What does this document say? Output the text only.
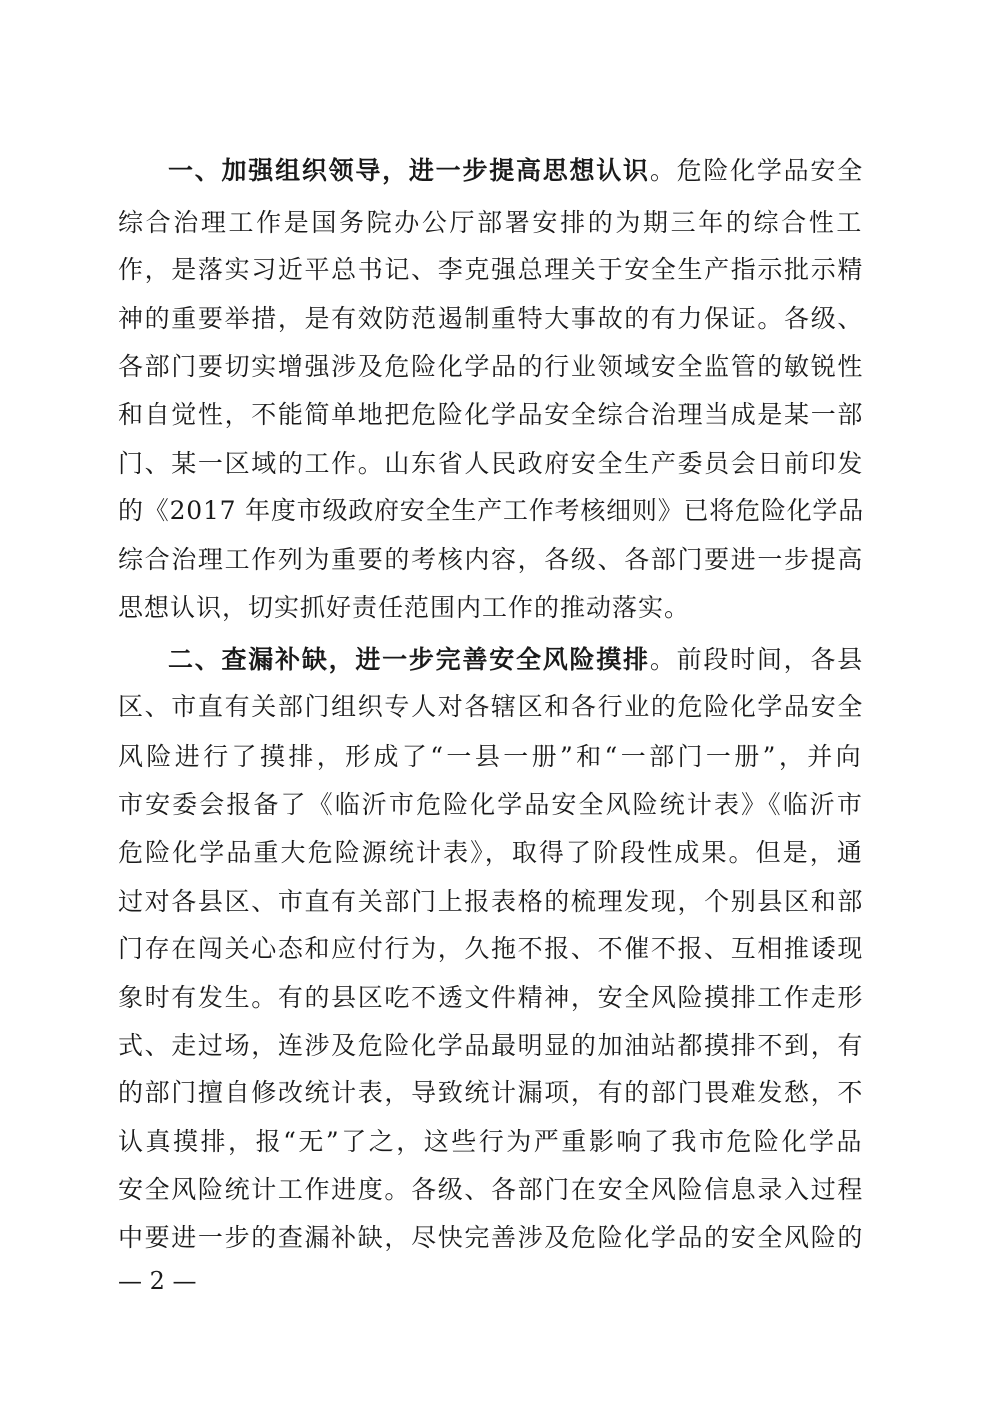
一、加强组织领导，进一步提高思想认识。危险化学品安全
综合治理工作是国务院办公厅部署安排的为期三年的综合性工
作，是落实习近平总书记、李克强总理关于安全生产指示批示精
神的重要举措，是有效防范遏制重特大事故的有力保证。各级、
各部门要切实增强涉及危险化学品的行业领域安全监管的敏锐性
和自觉性，不能简单地把危险化学品安全综合治理当成是某一部
门、某一区域的工作。山东省人民政府安全生产委员会日前印发
的《2017 年度市级政府安全生产工作考核细则》已将危险化学品
综合治理工作列为重要的考核内容，各级、各部门要进一步提高
思想认识，切实抓好责任范围内工作的推动落实。
二、查漏补缺，进一步完善安全风险摸排。前段时间，各县
区、市直有关部门组织专人对各辖区和各行业的危险化学品安全
风险进行了摸排，形成了“一县一册”和“一部门一册”，并向
市安委会报备了《临沂市危险化学品安全风险统计表》《临沂市
危险化学品重大危险源统计表》，取得了阶段性成果。但是，通
过对各县区、市直有关部门上报表格的梳理发现，个别县区和部
门存在闯关心态和应付行为，久拖不报、不催不报、互相推诿现
象时有发生。有的县区吃不透文件精神，安全风险摸排工作走形
式、走过场，连涉及危险化学品最明显的加油站都摸排不到，有
的部门擅自修改统计表，导致统计漏项，有的部门畏难发愁，不
认真摸排，报“无”了之，这些行为严重影响了我市危险化学品
安全风险统计工作进度。各级、各部门在安全风险信息录入过程
中要进一步的查漏补缺，尽快完善涉及危险化学品的安全风险的
— 2 —
